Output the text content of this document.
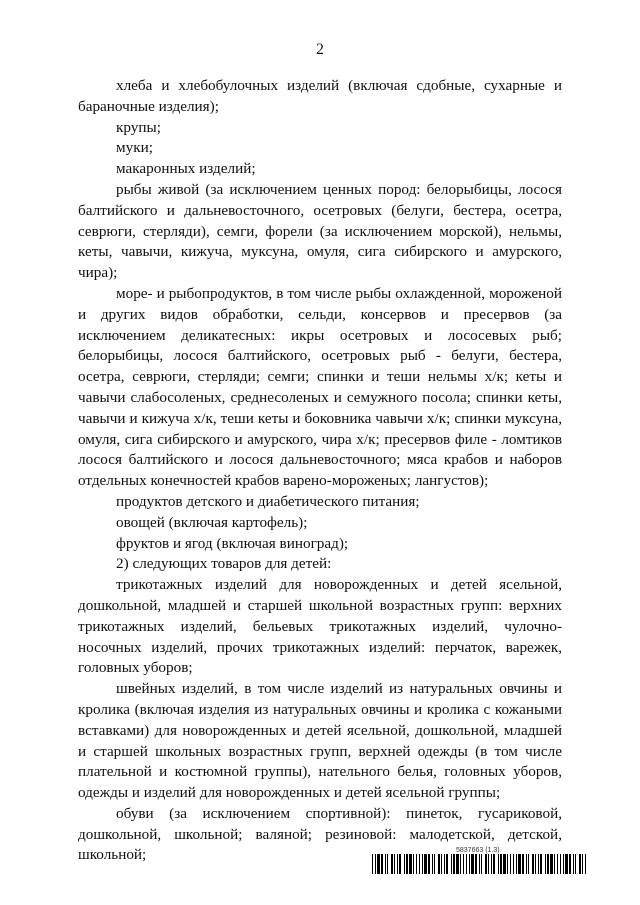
2

хлеба и хлебобулочных изделий (включая сдобные, сухарные и бараночные изделия);

крупы;

муки;

макаронных изделий;

рыбы живой (за исключением ценных пород: белорыбицы, лосося балтийского и дальневосточного, осетровых (белуги, бестера, осетра, севрюги, стерляди), семги, форели (за исключением морской), нельмы, кеты, чавычи, кижуча, муксуна, омуля, сига сибирского и амурского, чира);

море- и рыбопродуктов, в том числе рыбы охлажденной, мороженой и других видов обработки, сельди, консервов и пресервов (за исключением деликатесных: икры осетровых и лососевых рыб; белорыбицы, лосося балтийского, осетровых рыб - белуги, бестера, осетра, севрюги, стерляди; семги; спинки и теши нельмы х/к; кеты и чавычи слабосоленых, среднесоленых и семужного посола; спинки кеты, чавычи и кижуча х/к, теши кеты и боковника чавычи х/к; спинки муксуна, омуля, сига сибирского и амурского, чира х/к; пресервов филе - ломтиков лосося балтийского и лосося дальневосточного; мяса крабов и наборов отдельных конечностей крабов варено-мороженых; лангустов);

продуктов детского и диабетического питания;

овощей (включая картофель);

фруктов и ягод (включая виноград);

2) следующих товаров для детей:

трикотажных изделий для новорожденных и детей ясельной, дошкольной, младшей и старшей школьной возрастных групп: верхних трикотажных изделий, бельевых трикотажных изделий, чулочно-носочных изделий, прочих трикотажных изделий: перчаток, варежек, головных уборов;

швейных изделий, в том числе изделий из натуральных овчины и кролика (включая изделия из натуральных овчины и кролика с кожаными вставками) для новорожденных и детей ясельной, дошкольной, младшей и старшей школьных возрастных групп, верхней одежды (в том числе плательной и костюмной группы), нательного белья, головных уборов, одежды и изделий для новорожденных и детей ясельной группы;

обуви (за исключением спортивной): пинеток, гусариковой, дошкольной, школьной; валяной; резиновой: малодетской, детской, школьной;	5837663 (1.3)
